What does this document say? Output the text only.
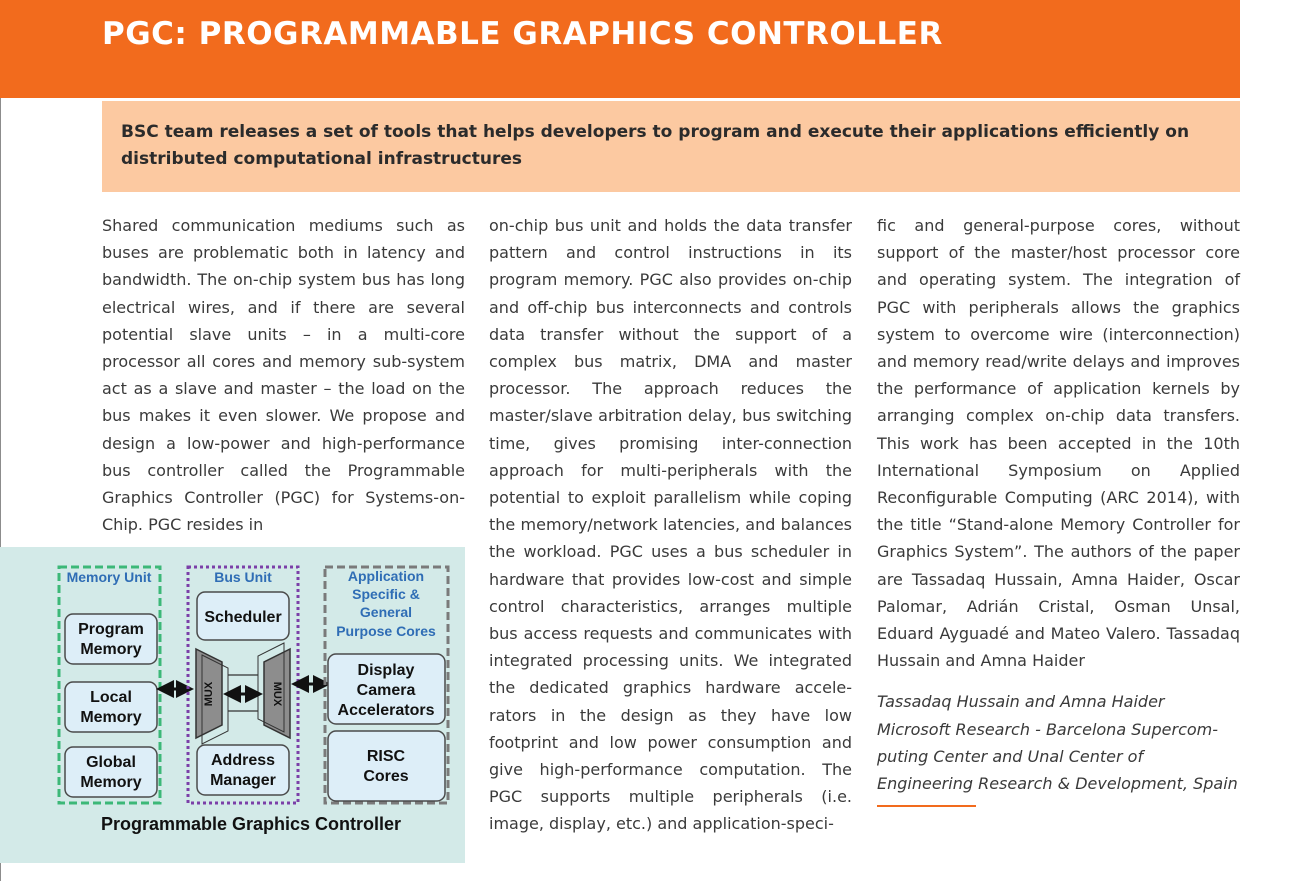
PGC: PROGRAMMABLE GRAPHICS CONTROLLER

BSC team releases a set of tools that helps developers to program and execute their applications efficiently on distributed computational infrastructures

Shared communication mediums such as buses are problematic both in latency and bandwidth. The on-chip system bus has long electrical wires, and if there are several potential slave units – in a multi-core processor all cores and memory sub-system act as a slave and master – the load on the bus makes it even slower. We propose and design a low-power and high-performance bus controller called the Programmable Graphics Controller (PGC) for Systems-on-Chip. PGC resides in

on-chip bus unit and holds the data transfer pattern and control instructions in its program memory. PGC also provides on-chip and off-chip bus interconnects and controls data transfer without the support of a complex bus matrix, DMA and master processor. The approach reduces the master/slave arbitration delay, bus switching time, gives promising inter-connection approach for multi-peripherals with the potential to exploit parallelism while coping the memory/network latencies, and balances the workload. PGC uses a bus scheduler in hardware that provides low-cost and simple control characteristics, arranges multiple bus access requests and communicates with integrated processing units. We integrated the dedicated graphics hardware accele-rators in the design as they have low footprint and low power consumption and give high-performance computation. The PGC supports multiple peripherals (i.e. image, display, etc.) and application-speci-

fic and general-purpose cores, without support of the master/host processor core and operating system. The integration of PGC with peripherals allows the graphics system to overcome wire (interconnection) and memory read/write delays and improves the performance of application kernels by arranging complex on-chip data transfers. This work has been accepted in the 10th International Symposium on Applied Reconfigurable Computing (ARC 2014), with the title “Stand-alone Memory Controller for Graphics System”. The authors of the paper are Tassadaq Hussain, Amna Haider, Oscar Palomar, Adrián Cristal, Osman Unsal, Eduard Ayguadé and Mateo Valero. Tassadaq Hussain and Amna Haider

Tassadaq Hussain and Amna Haider
Microsoft Research - Barcelona Supercom-
puting Center and Unal Center of
Engineering Research & Development, Spain
Memory Unit
Program
Memory
Local
Memory
Global
Memory
Bus Unit
Scheduler
MUX	MUX
Address
Manager
Application
Specific &
General
Purpose Cores
Display
Camera
Accelerators
RISC
Cores
Programmable Graphics Controller
